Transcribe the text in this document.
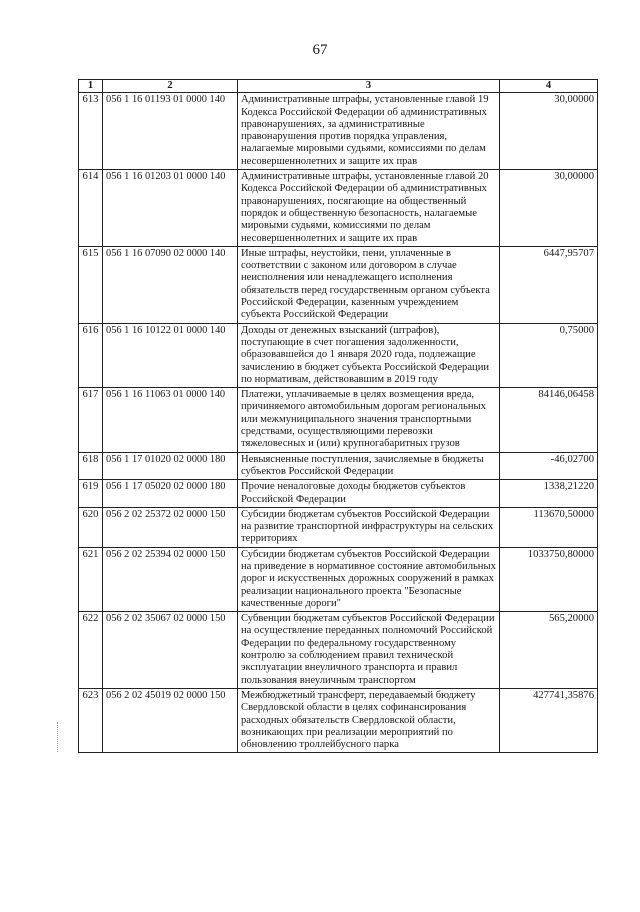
67
1	2	3	4
613	056 1 16 01193 01 0000 140	Административные штрафы, установленные главой 19 Кодекса Российской Федерации об административных правонарушениях, за административные правонарушения против порядка управления, налагаемые мировыми судьями, комиссиями по делам несовершеннолетних и защите их прав	30,00000
614	056 1 16 01203 01 0000 140	Административные штрафы, установленные главой 20 Кодекса Российской Федерации об административных правонарушениях, посягающие на общественный порядок и общественную безопасность, налагаемые мировыми судьями, комиссиями по делам несовершеннолетних и защите их прав	30,00000
615	056 1 16 07090 02 0000 140	Иные штрафы, неустойки, пени, уплаченные в соответствии с законом или договором в случае неисполнения или ненадлежащего исполнения обязательств перед государственным органом субъекта Российской Федерации, казенным учреждением субъекта Российской Федерации	6447,95707
616	056 1 16 10122 01 0000 140	Доходы от денежных взысканий (штрафов), поступающие в счет погашения задолженности, образовавшейся до 1 января 2020 года, подлежащие зачислению в бюджет субъекта Российской Федерации по нормативам, действовавшим в 2019 году	0,75000
617	056 1 16 11063 01 0000 140	Платежи, уплачиваемые в целях возмещения вреда, причиняемого автомобильным дорогам региональных или межмуниципального значения транспортными средствами, осуществляющими перевозки тяжеловесных и (или) крупногабаритных грузов	84146,06458
618	056 1 17 01020 02 0000 180	Невыясненные поступления, зачисляемые в бюджеты субъектов Российской Федерации	-46,02700
619	056 1 17 05020 02 0000 180	Прочие неналоговые доходы бюджетов субъектов Российской Федерации	1338,21220
620	056 2 02 25372 02 0000 150	Субсидии бюджетам субъектов Российской Федерации на развитие транспортной инфраструктуры на сельских территориях	113670,50000
621	056 2 02 25394 02 0000 150	Субсидии бюджетам субъектов Российской Федерации на приведение в нормативное состояние автомобильных дорог и искусственных дорожных сооружений в рамках реализации национального проекта "Безопасные качественные дороги"	1033750,80000
622	056 2 02 35067 02 0000 150	Субвенции бюджетам субъектов Российской Федерации на осуществление переданных полномочий Российской Федерации по федеральному государственному контролю за соблюдением правил технической эксплуатации внеуличного транспорта и правил пользования внеуличным транспортом	565,20000
623	056 2 02 45019 02 0000 150	Межбюджетный трансферт, передаваемый бюджету Свердловской области в целях софинансирования расходных обязательств Свердловской области, возникающих при реализации мероприятий по обновлению троллейбусного парка	427741,35876
